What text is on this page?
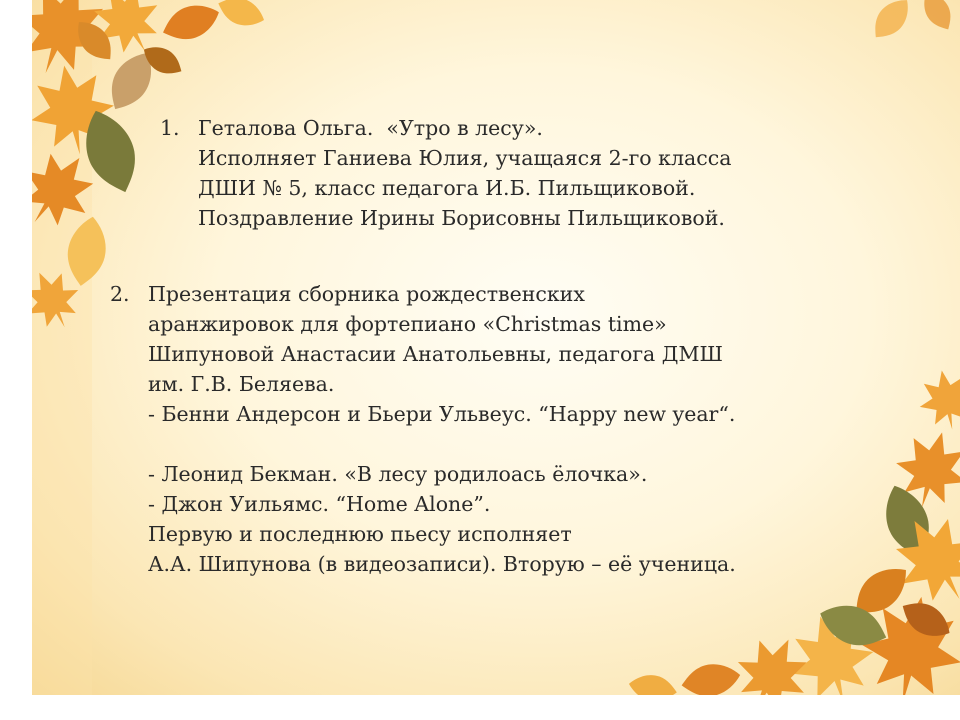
1. Геталова Ольга.  «Утро в лесу».
Исполняет Ганиева Юлия, учащаяся 2-го класса
ДШИ № 5, класс педагога И.Б. Пильщиковой.
Поздравление Ирины Борисовны Пильщиковой.
2. Презентация сборника рождественских
аранжировок для фортепиано «Christmas time»
Шипуновой Анастасии Анатольевны, педагога ДМШ
им. Г.В. Беляева.
- Бенни Андерсон и Бьери Ульвеус. “Happy new year“.
- Леонид Бекман. «В лесу родилоась ёлочка».
- Джон Уильямс. “Home Alone”.
Первую и последнюю пьесу исполняет
А.А. Шипунова (в видеозаписи). Вторую – её ученица.
